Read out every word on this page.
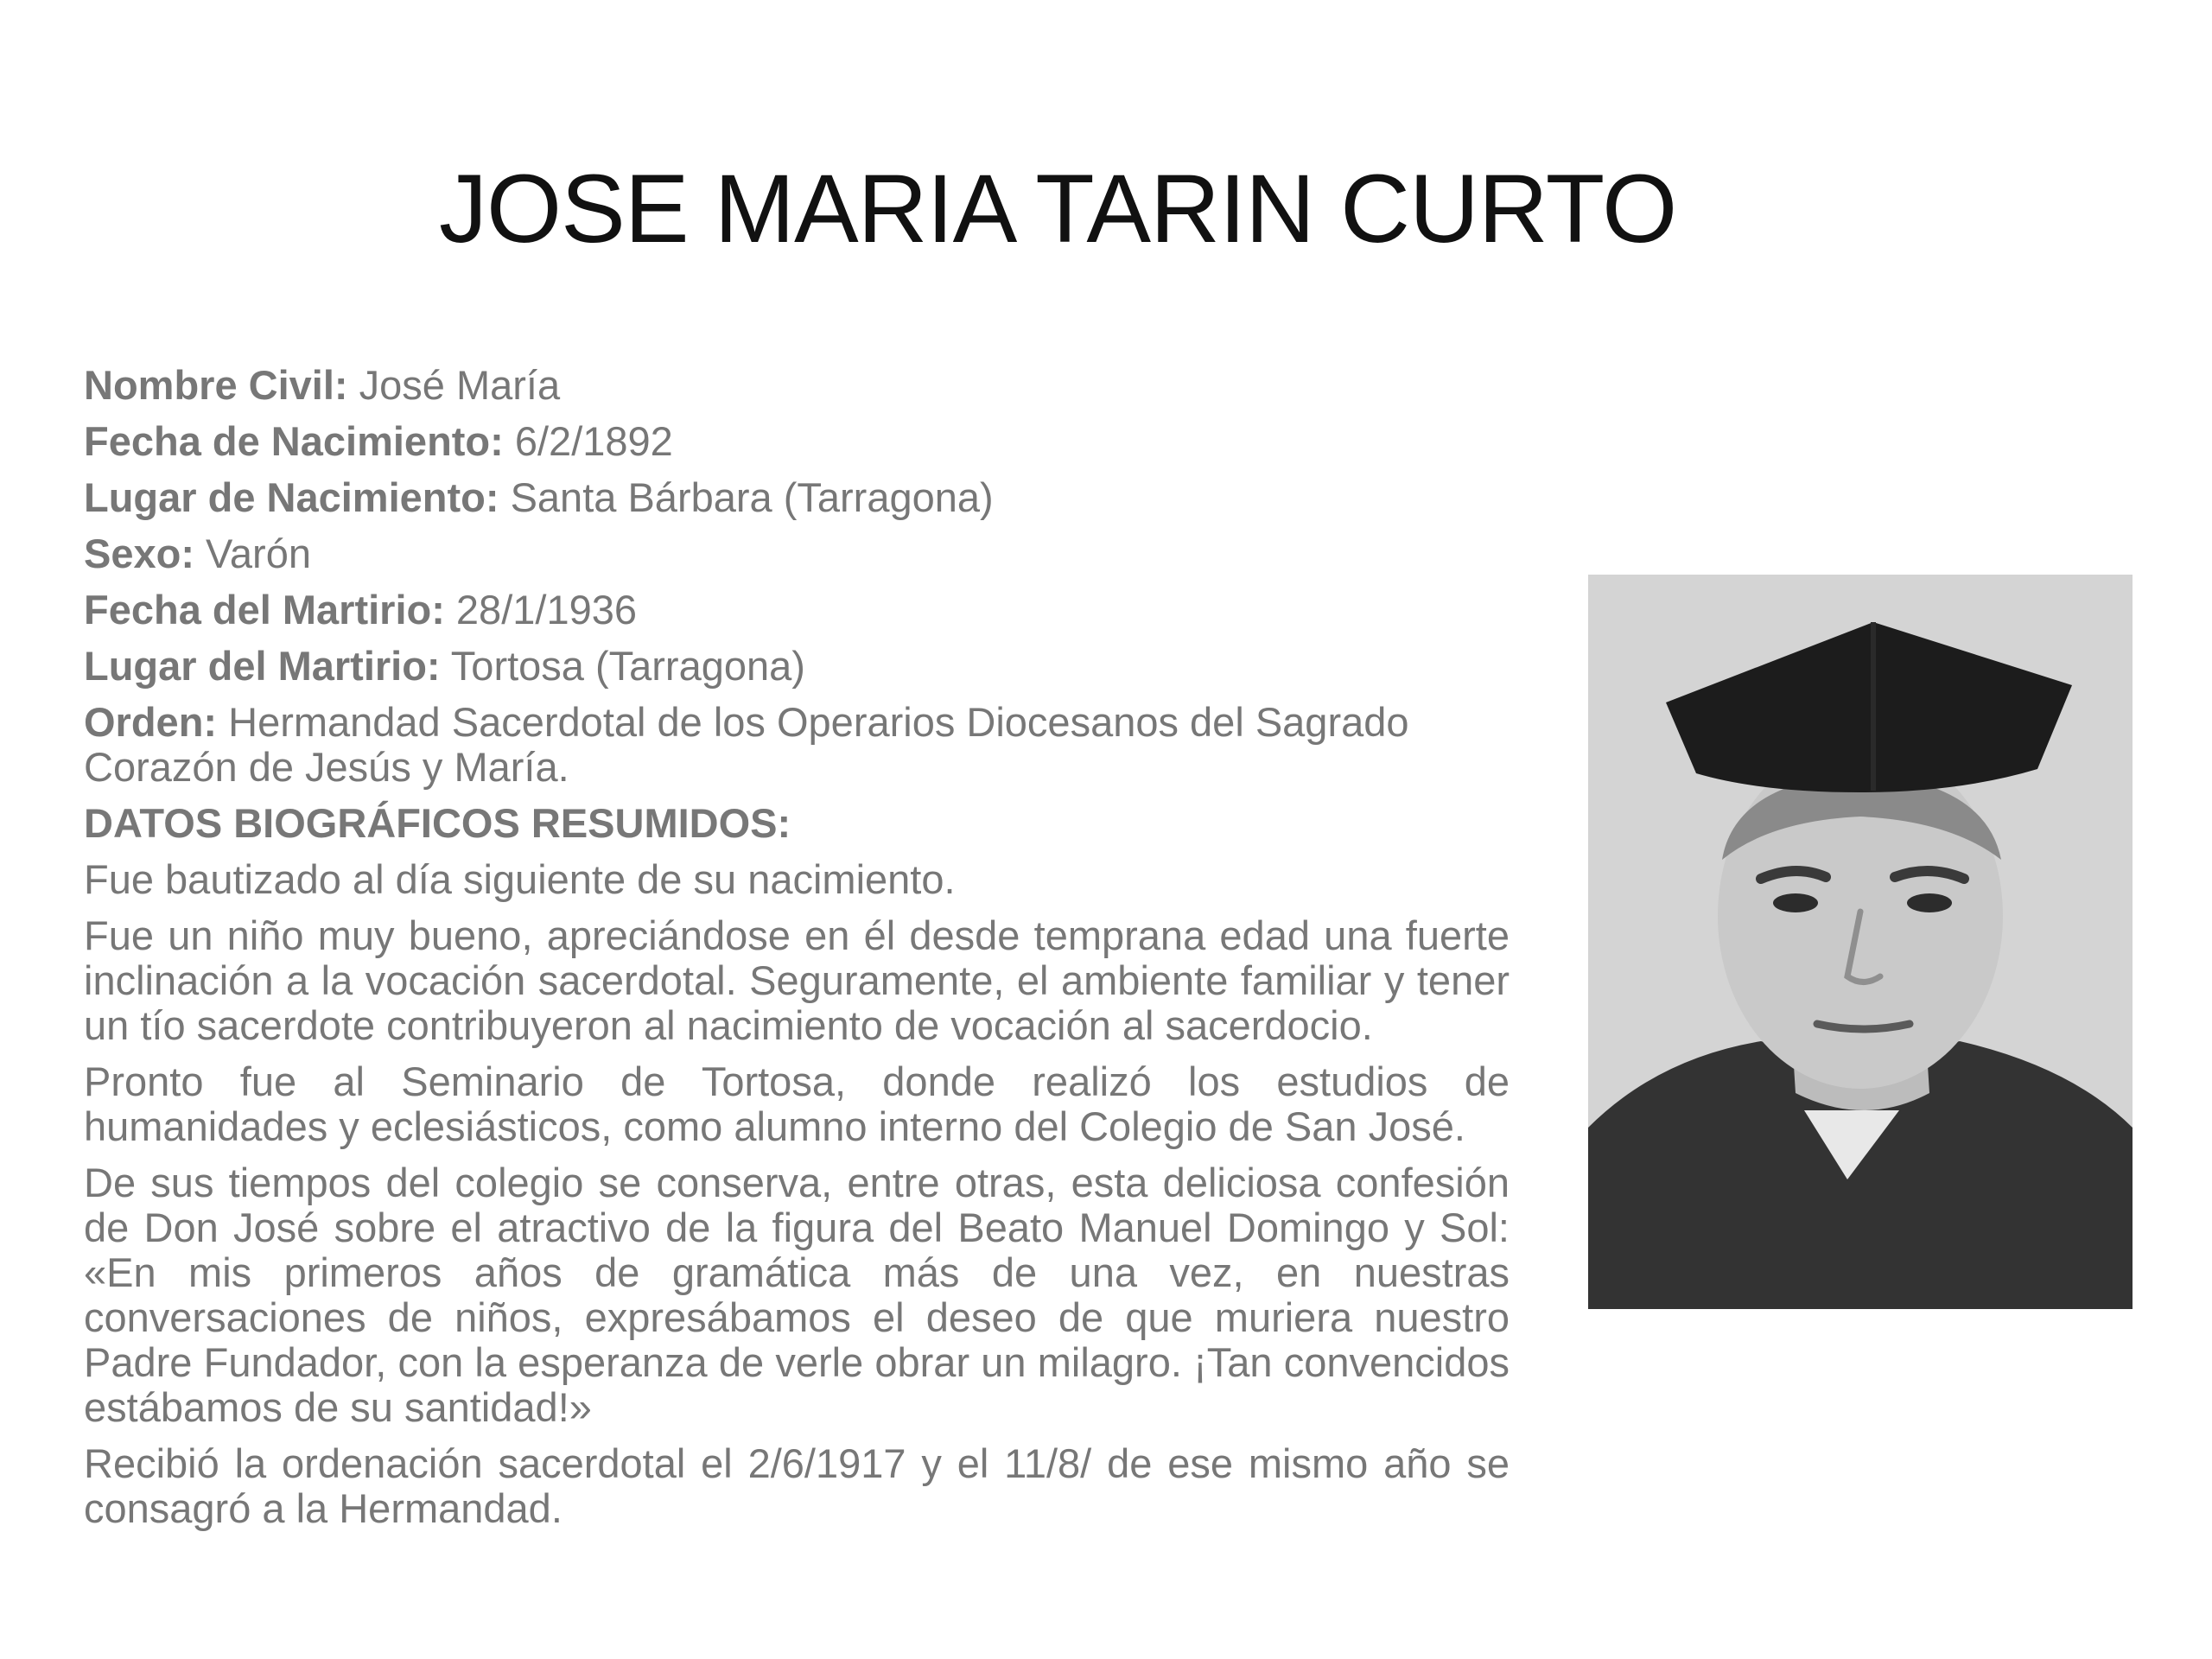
JOSE MARIA TARIN CURTO

Nombre Civil: José María

Fecha de Nacimiento: 6/2/1892

Lugar de Nacimiento: Santa Bárbara (Tarragona)

Sexo: Varón

Fecha del Martirio: 28/1/1936

Lugar del Martirio: Tortosa (Tarragona)

Orden: Hermandad Sacerdotal de los Operarios Diocesanos del Sagrado Corazón de Jesús y María.

DATOS BIOGRÁFICOS RESUMIDOS:

Fue bautizado al día siguiente de su nacimiento.

Fue un niño muy bueno, apreciándose en él desde temprana edad una fuerte inclinación a la vocación sacerdotal. Seguramente, el ambiente familiar y tener un tío sacerdote contribuyeron al nacimiento de vocación al sacerdocio.

Pronto fue al Seminario de Tortosa, donde realizó los estudios de humanidades y eclesiásticos, como alumno interno del Colegio de San José.

De sus tiempos del colegio se conserva, entre otras, esta deliciosa confesión de Don José sobre el atractivo de la figura del Beato Manuel Domingo y Sol: «En mis primeros años de gramática más de una vez, en nuestras conversaciones de niños, expresábamos el deseo de que muriera nuestro Padre Fundador, con la esperanza de verle obrar un milagro. ¡Tan convencidos estábamos de su santidad!»

Recibió la ordenación sacerdotal el 2/6/1917 y el 11/8/ de ese mismo año se consagró a la Hermandad.
